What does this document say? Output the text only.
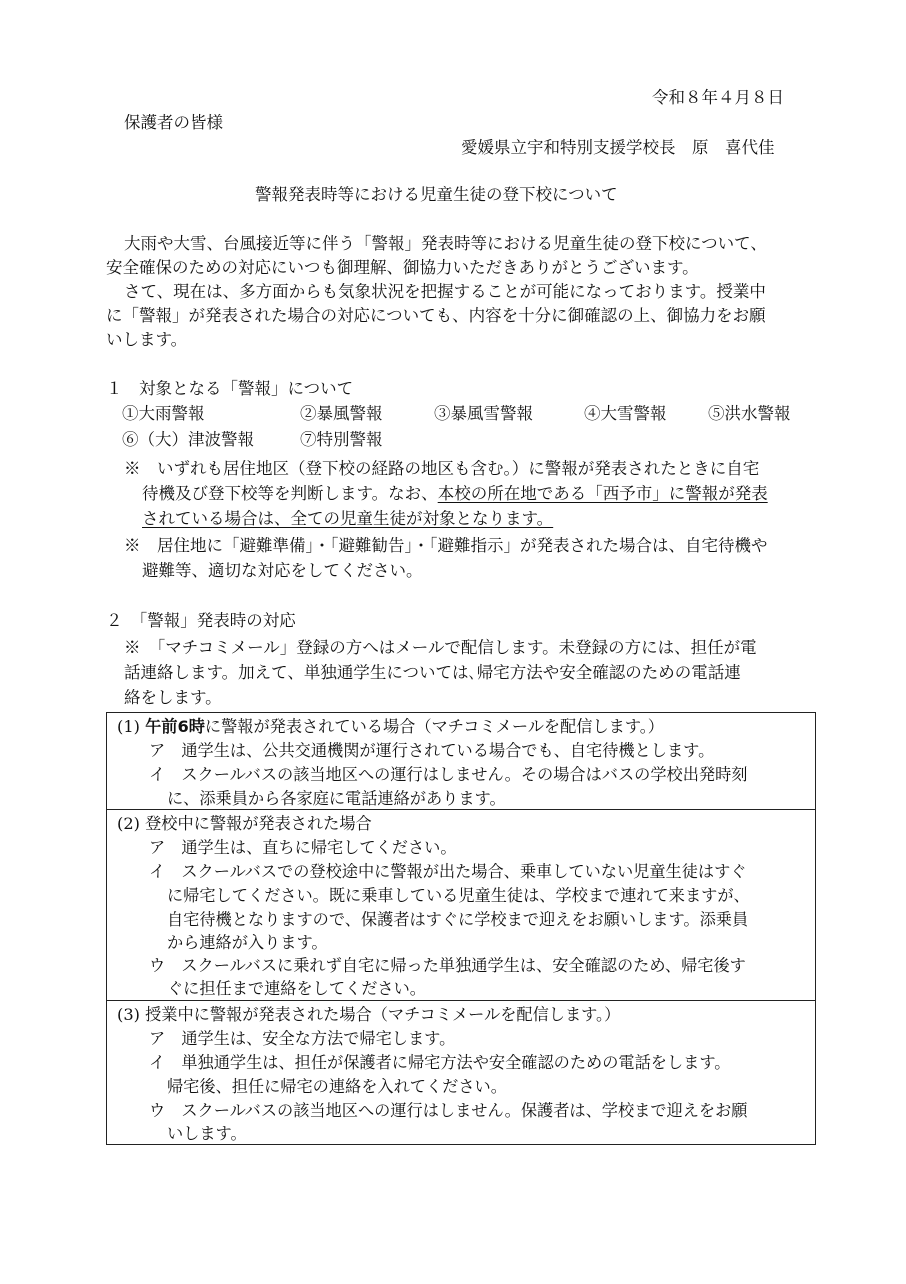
令和８年４月８日
保護者の皆様
愛媛県立宇和特別支援学校長　原　喜代佳
警報発表時等における児童生徒の登下校について
大雨や大雪、台風接近等に伴う「警報」発表時等における児童生徒の登下校について、
安全確保のための対応にいつも御理解、御協力いただきありがとうございます。
さて、現在は、多方面からも気象状況を把握することが可能になっております。授業中
に「警報」が発表された場合の対応についても、内容を十分に御確認の上、御協力をお願
いします。
１　対象となる「警報」について
①大雨警報	②暴風警報	③暴風雪警報	④大雪警報	⑤洪水警報
⑥（大）津波警報	⑦特別警報
※　いずれも居住地区（登下校の経路の地区も含む。）に警報が発表されたときに自宅
待機及び登下校等を判断します。なお、本校の所在地である「西予市」に警報が発表
されている場合は、全ての児童生徒が対象となります。
※　居住地に「避難準備」・「避難勧告」・「避難指示」が発表された場合は、自宅待機や
避難等、適切な対応をしてください。
２　「警報」発表時の対応
※　「マチコミメール」登録の方へはメールで配信します。未登録の方には、担任が電
話連絡します。加えて、単独通学生については､帰宅方法や安全確認のための電話連
絡をします。
(1) 午前6時に警報が発表されている場合（マチコミメールを配信します。）
ア　通学生は、公共交通機関が運行されている場合でも、自宅待機とします。
イ　スクールバスの該当地区への運行はしません。その場合はバスの学校出発時刻
に、添乗員から各家庭に電話連絡があります。
(2) 登校中に警報が発表された場合
ア　通学生は、直ちに帰宅してください。
イ　スクールバスでの登校途中に警報が出た場合、乗車していない児童生徒はすぐ
に帰宅してください。既に乗車している児童生徒は、学校まで連れて来ますが、
自宅待機となりますので、保護者はすぐに学校まで迎えをお願いします。添乗員
から連絡が入ります。
ウ　スクールバスに乗れず自宅に帰った単独通学生は、安全確認のため、帰宅後す
ぐに担任まで連絡をしてください。
(3) 授業中に警報が発表された場合（マチコミメールを配信します。）
ア　通学生は、安全な方法で帰宅します。
イ　単独通学生は、担任が保護者に帰宅方法や安全確認のための電話をします。
帰宅後、担任に帰宅の連絡を入れてください。
ウ　スクールバスの該当地区への運行はしません。保護者は、学校まで迎えをお願
いします。
